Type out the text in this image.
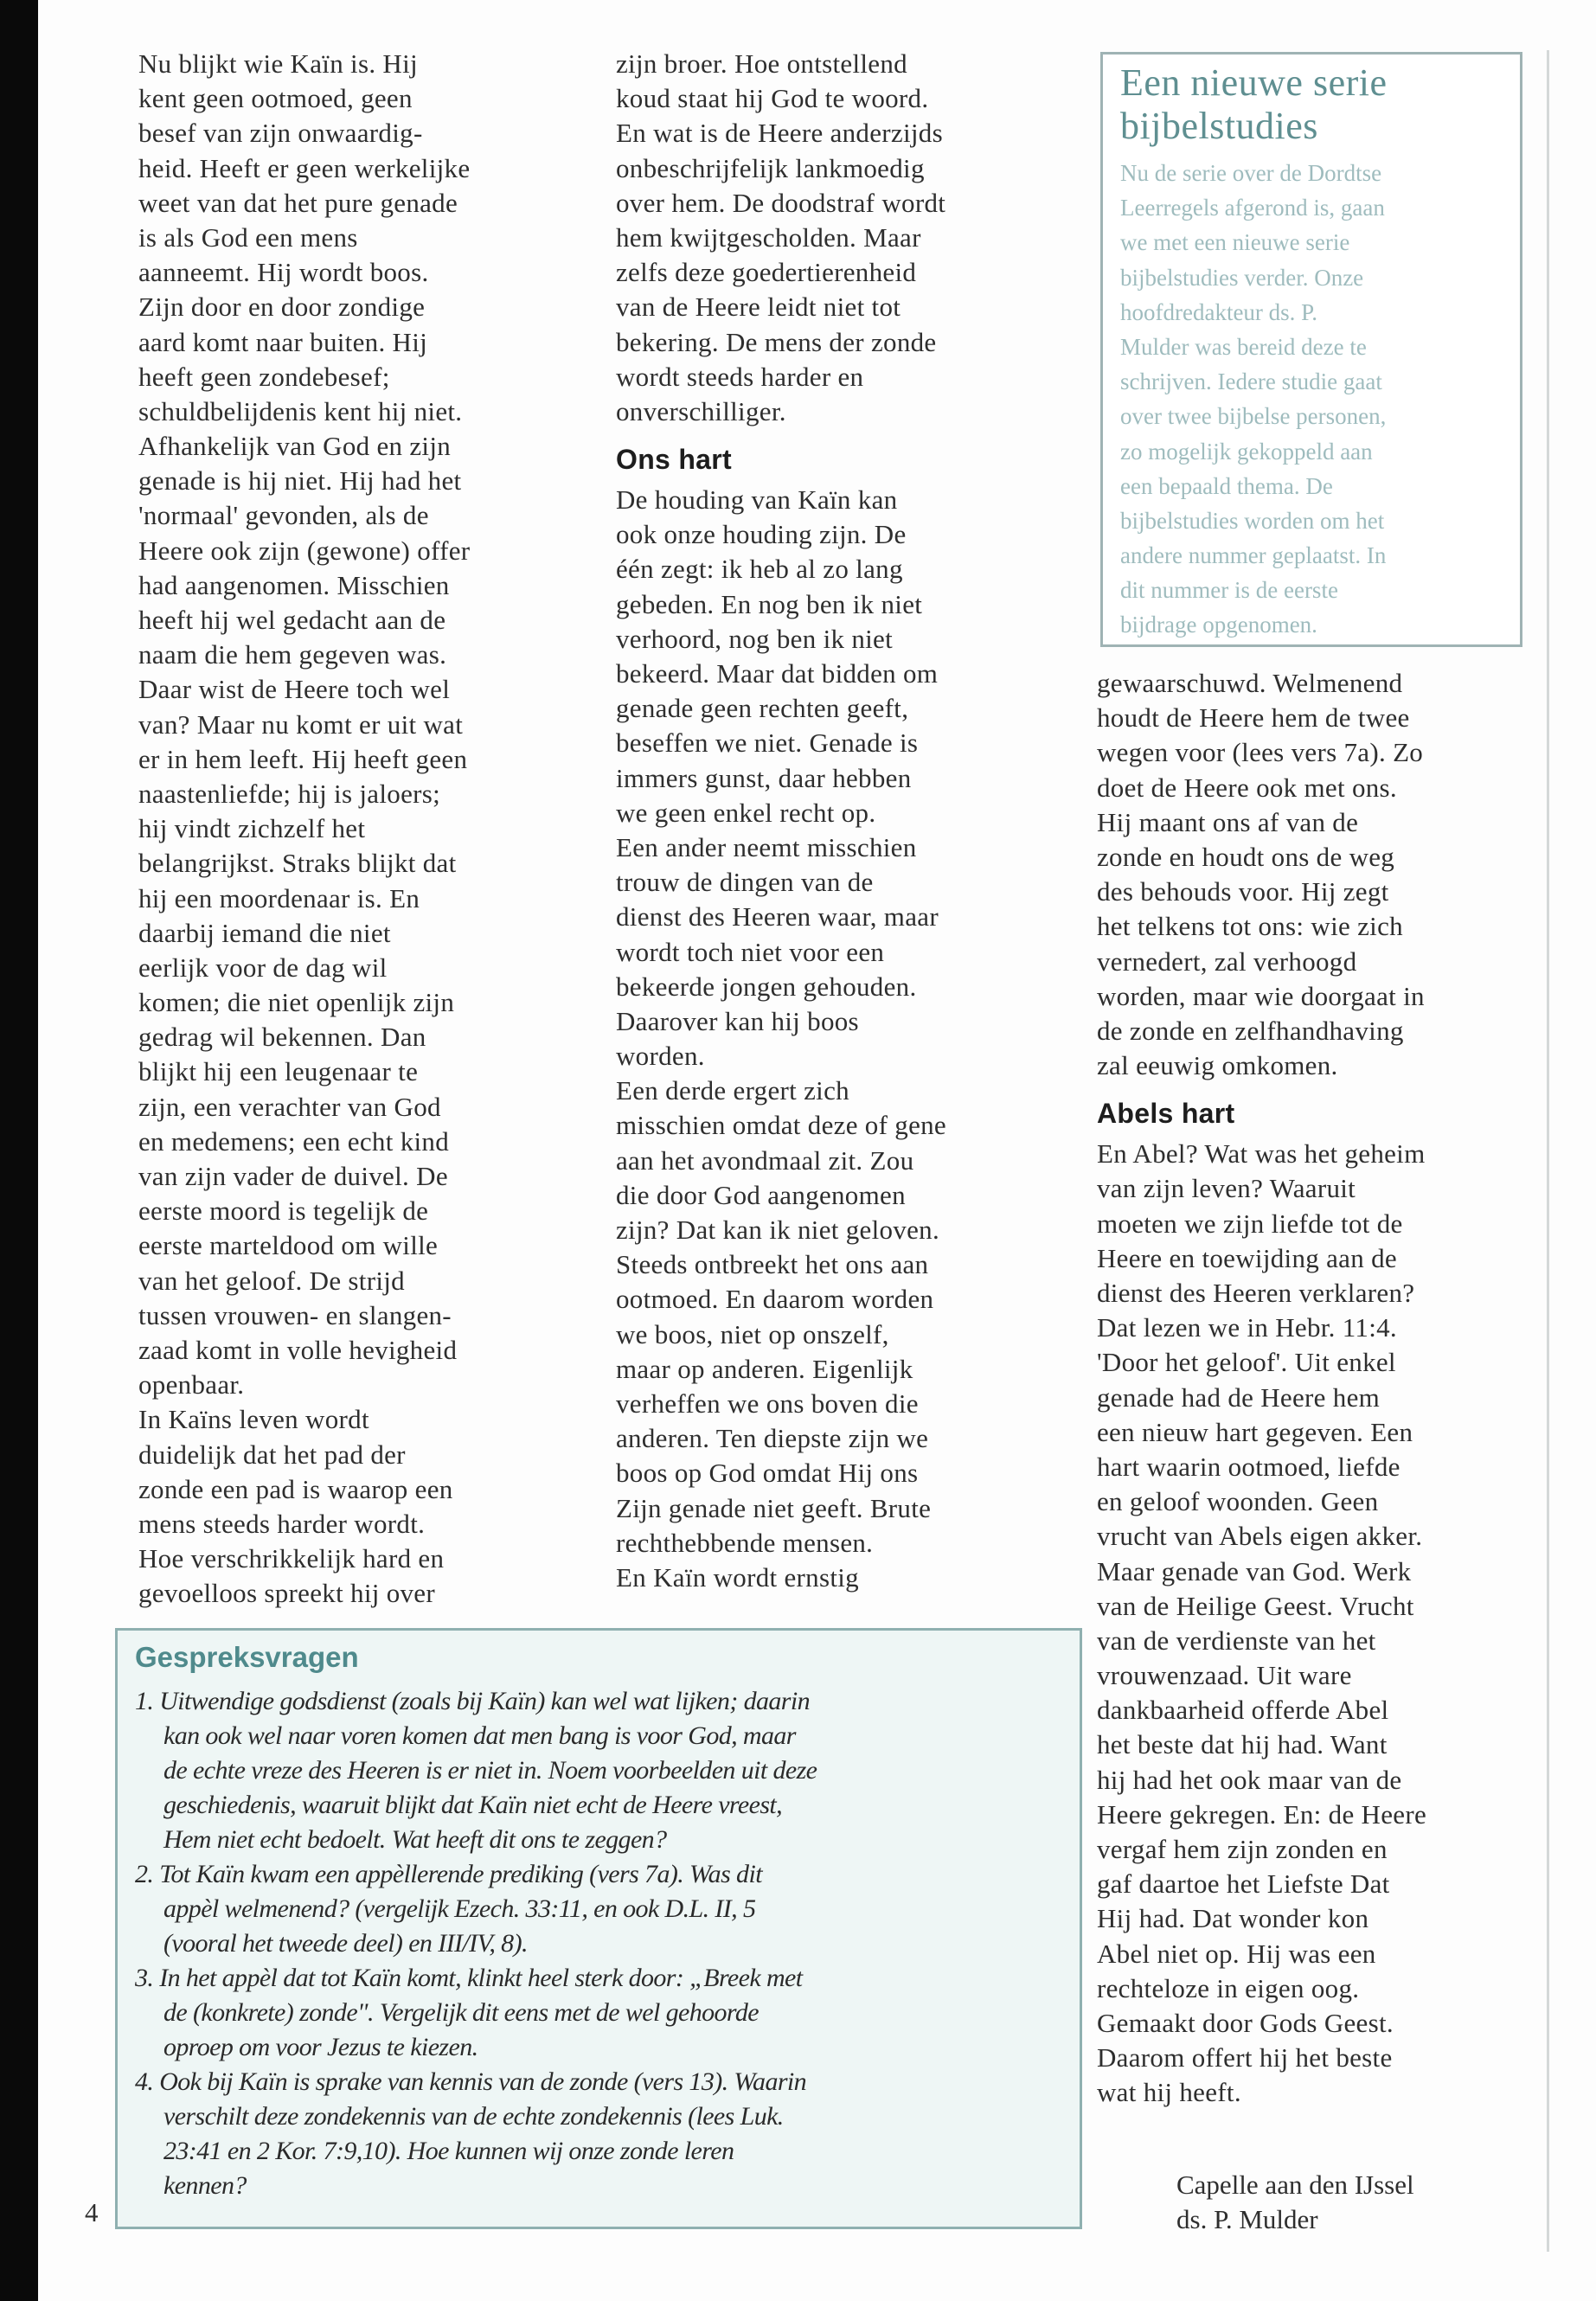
Nu blijkt wie Kaïn is. Hij
kent geen ootmoed, geen
besef van zijn onwaardig-
heid. Heeft er geen werkelijke
weet van dat het pure genade
is als God een mens
aanneemt. Hij wordt boos.
Zijn door en door zondige
aard komt naar buiten. Hij
heeft geen zondebesef;
schuldbelijdenis kent hij niet.
Afhankelijk van God en zijn
genade is hij niet. Hij had het
'normaal' gevonden, als de
Heere ook zijn (gewone) offer
had aangenomen. Misschien
heeft hij wel gedacht aan de
naam die hem gegeven was.
Daar wist de Heere toch wel
van? Maar nu komt er uit wat
er in hem leeft. Hij heeft geen
naastenliefde; hij is jaloers;
hij vindt zichzelf het
belangrijkst. Straks blijkt dat
hij een moordenaar is. En
daarbij iemand die niet
eerlijk voor de dag wil
komen; die niet openlijk zijn
gedrag wil bekennen. Dan
blijkt hij een leugenaar te
zijn, een verachter van God
en medemens; een echt kind
van zijn vader de duivel. De
eerste moord is tegelijk de
eerste marteldood om wille
van het geloof. De strijd
tussen vrouwen- en slangen-
zaad komt in volle hevigheid
openbaar.
In Kaïns leven wordt
duidelijk dat het pad der
zonde een pad is waarop een
mens steeds harder wordt.
Hoe verschrikkelijk hard en
gevoelloos spreekt hij over
zijn broer. Hoe ontstellend
koud staat hij God te woord.
En wat is de Heere anderzijds
onbeschrijfelijk lankmoedig
over hem. De doodstraf wordt
hem kwijtgescholden. Maar
zelfs deze goedertierenheid
van de Heere leidt niet tot
bekering. De mens der zonde
wordt steeds harder en
onverschilliger.
Ons hart
De houding van Kaïn kan
ook onze houding zijn. De
één zegt: ik heb al zo lang
gebeden. En nog ben ik niet
verhoord, nog ben ik niet
bekeerd. Maar dat bidden om
genade geen rechten geeft,
beseffen we niet. Genade is
immers gunst, daar hebben
we geen enkel recht op.
Een ander neemt misschien
trouw de dingen van de
dienst des Heeren waar, maar
wordt toch niet voor een
bekeerde jongen gehouden.
Daarover kan hij boos
worden.
Een derde ergert zich
misschien omdat deze of gene
aan het avondmaal zit. Zou
die door God aangenomen
zijn? Dat kan ik niet geloven.
Steeds ontbreekt het ons aan
ootmoed. En daarom worden
we boos, niet op onszelf,
maar op anderen. Eigenlijk
verheffen we ons boven die
anderen. Ten diepste zijn we
boos op God omdat Hij ons
Zijn genade niet geeft. Brute
rechthebbende mensen.
En Kaïn wordt ernstig
Een nieuwe serie
bijbelstudies
Nu de serie over de Dordtse
Leerregels afgerond is, gaan
we met een nieuwe serie
bijbelstudies verder. Onze
hoofdredakteur ds. P.
Mulder was bereid deze te
schrijven. Iedere studie gaat
over twee bijbelse personen,
zo mogelijk gekoppeld aan
een bepaald thema. De
bijbelstudies worden om het
andere nummer geplaatst. In
dit nummer is de eerste
bijdrage opgenomen.
gewaarschuwd. Welmenend
houdt de Heere hem de twee
wegen voor (lees vers 7a). Zo
doet de Heere ook met ons.
Hij maant ons af van de
zonde en houdt ons de weg
des behouds voor. Hij zegt
het telkens tot ons: wie zich
vernedert, zal verhoogd
worden, maar wie doorgaat in
de zonde en zelfhandhaving
zal eeuwig omkomen.
Abels hart
En Abel? Wat was het geheim
van zijn leven? Waaruit
moeten we zijn liefde tot de
Heere en toewijding aan de
dienst des Heeren verklaren?
Dat lezen we in Hebr. 11:4.
'Door het geloof'. Uit enkel
genade had de Heere hem
een nieuw hart gegeven. Een
hart waarin ootmoed, liefde
en geloof woonden. Geen
vrucht van Abels eigen akker.
Maar genade van God. Werk
van de Heilige Geest. Vrucht
van de verdienste van het
vrouwenzaad. Uit ware
dankbaarheid offerde Abel
het beste dat hij had. Want
hij had het ook maar van de
Heere gekregen. En: de Heere
vergaf hem zijn zonden en
gaf daartoe het Liefste Dat
Hij had. Dat wonder kon
Abel niet op. Hij was een
rechteloze in eigen oog.
Gemaakt door Gods Geest.
Daarom offert hij het beste
wat hij heeft.
Capelle aan den IJssel
ds. P. Mulder
Gespreksvragen
1. Uitwendige godsdienst (zoals bij Kaïn) kan wel wat lijken; daarin
kan ook wel naar voren komen dat men bang is voor God, maar
de echte vreze des Heeren is er niet in. Noem voorbeelden uit deze
geschiedenis, waaruit blijkt dat Kaïn niet echt de Heere vreest,
Hem niet echt bedoelt. Wat heeft dit ons te zeggen?
2. Tot Kaïn kwam een appèllerende prediking (vers 7a). Was dit
appèl welmenend? (vergelijk Ezech. 33:11, en ook D.L. II, 5
(vooral het tweede deel) en III/IV, 8).
3. In het appèl dat tot Kaïn komt, klinkt heel sterk door: „Breek met
de (konkrete) zonde". Vergelijk dit eens met de wel gehoorde
oproep om voor Jezus te kiezen.
4. Ook bij Kaïn is sprake van kennis van de zonde (vers 13). Waarin
verschilt deze zondekennis van de echte zondekennis (lees Luk.
23:41 en 2 Kor. 7:9,10). Hoe kunnen wij onze zonde leren
kennen?
4
